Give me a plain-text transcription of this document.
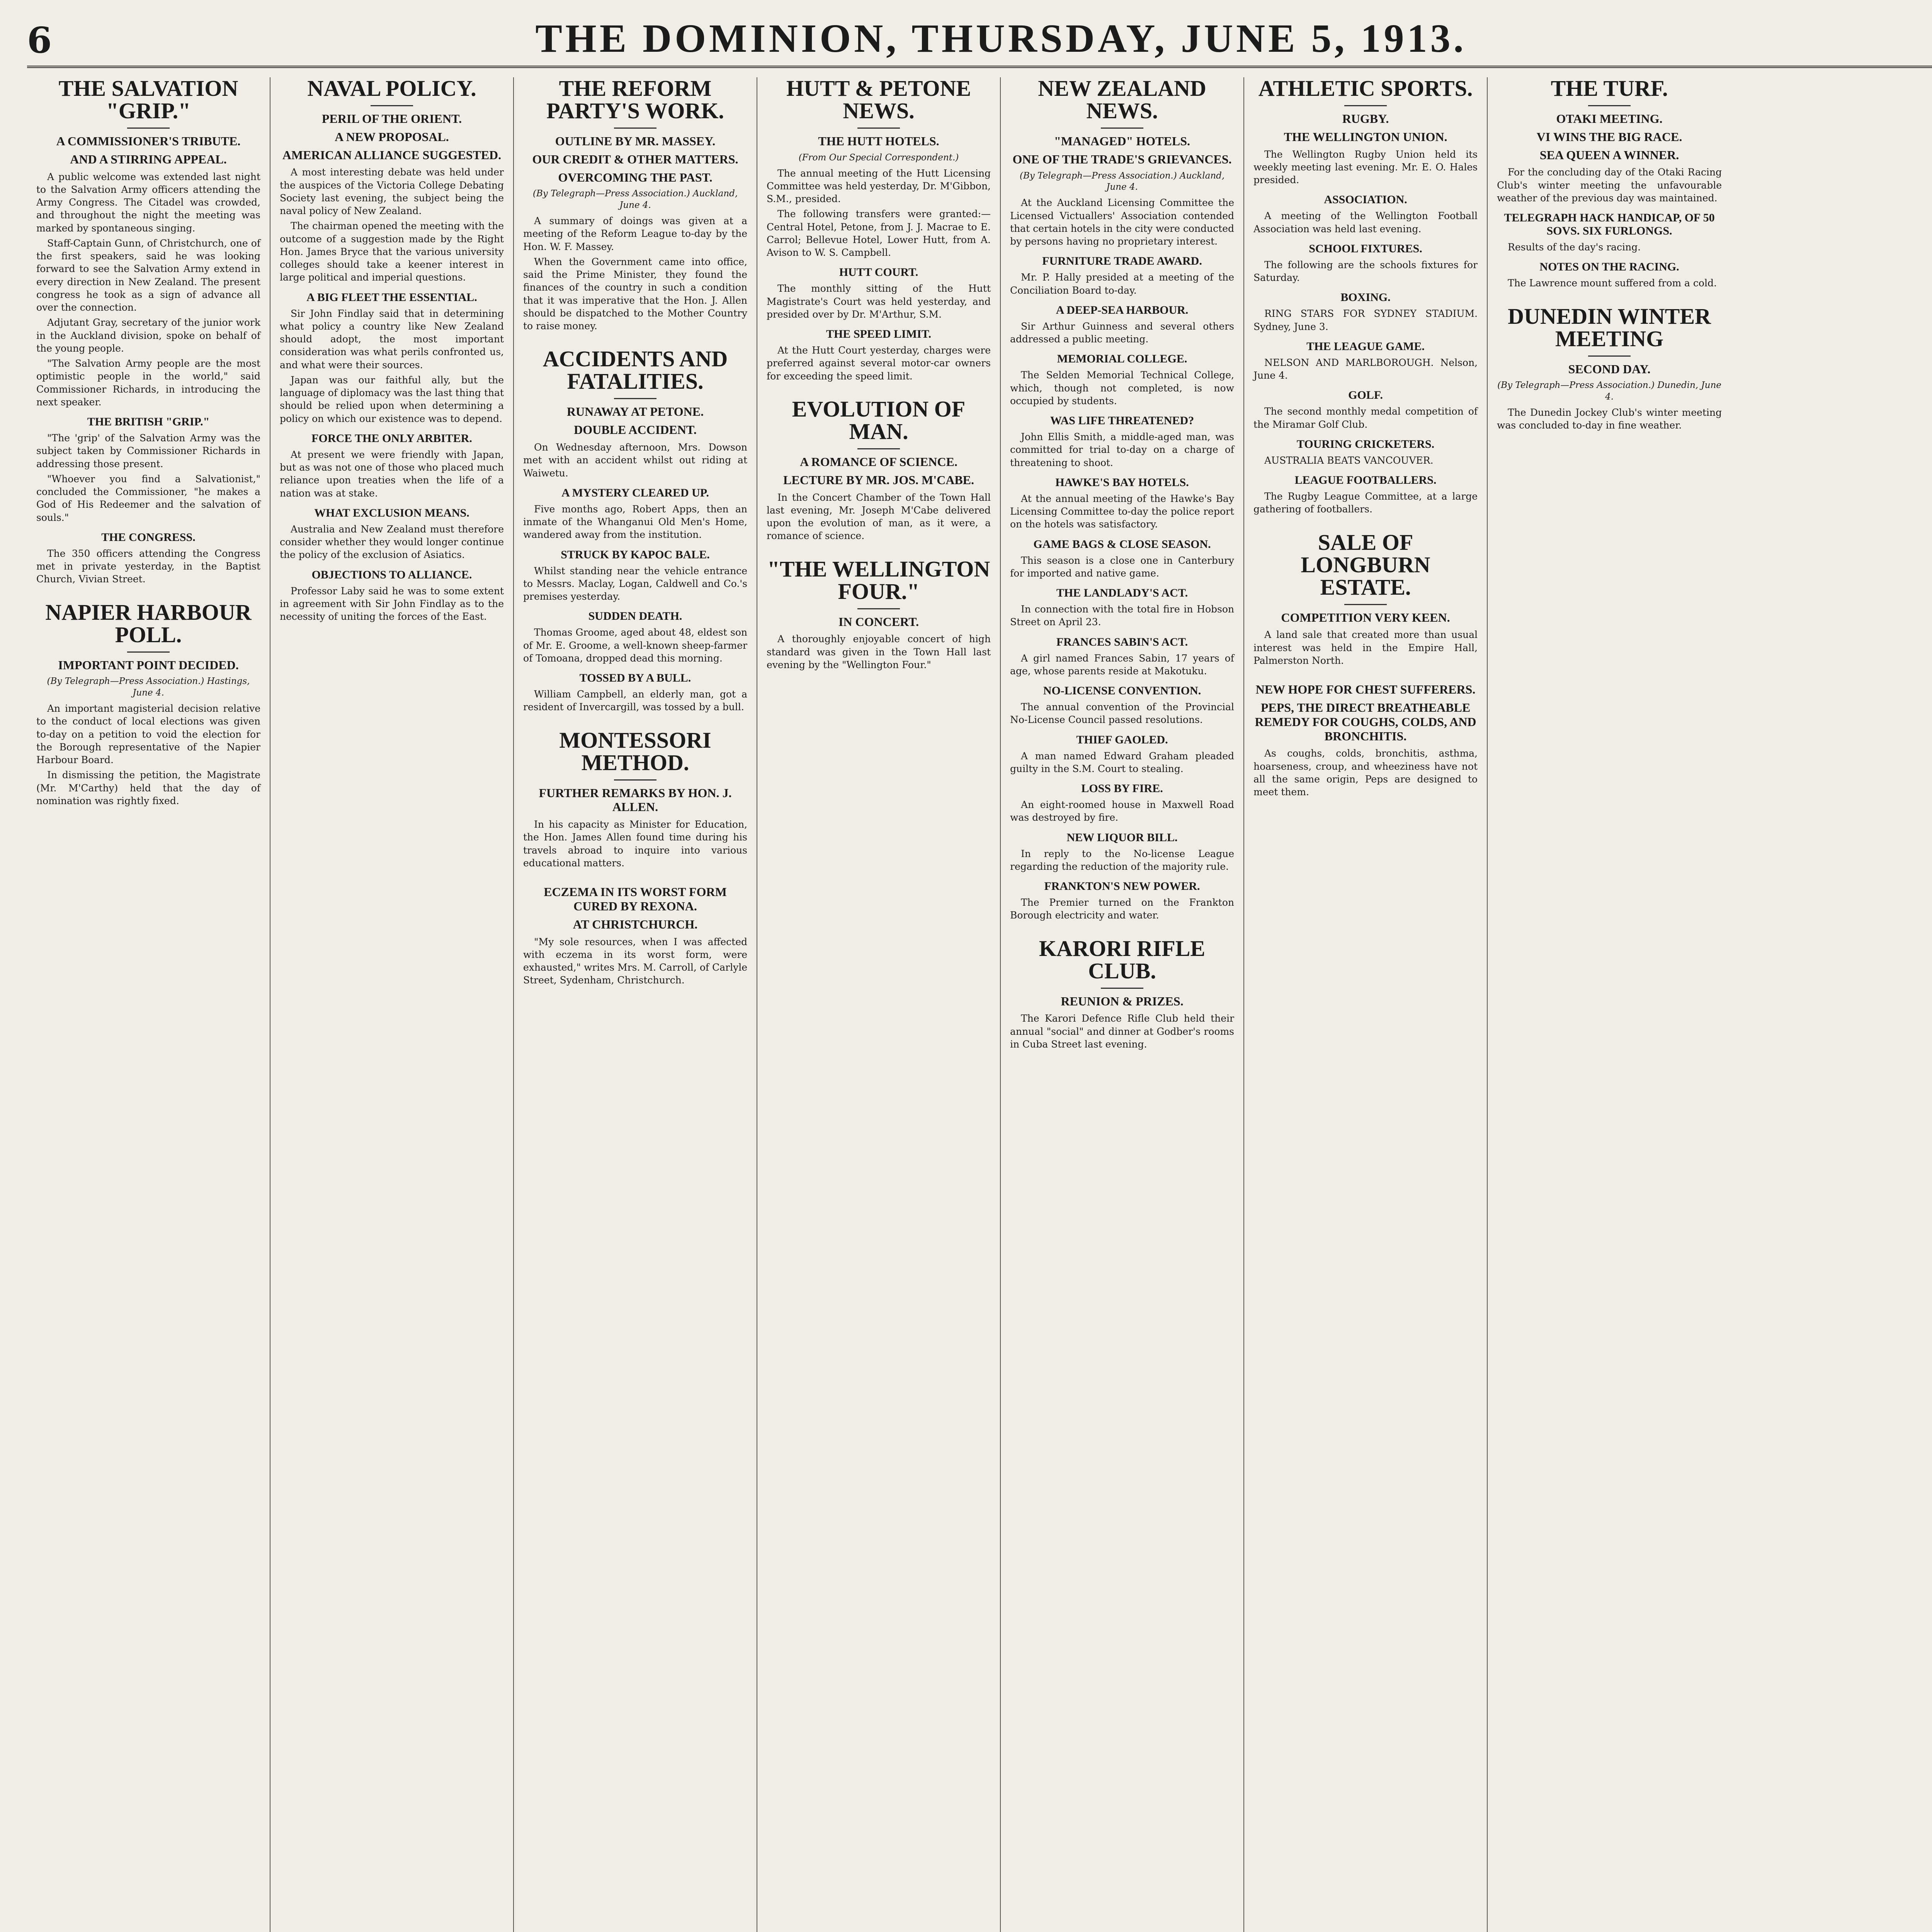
6	THE DOMINION, THURSDAY, JUNE 5, 1913.
THE SALVATION "GRIP."
A COMMISSIONER'S TRIBUTE.
AND A STIRRING APPEAL.

A public welcome was extended last night to the Salvation Army officers attending the Army Congress. The Citadel was crowded, and throughout the night the meeting was marked by spontaneous singing.

Staff-Captain Gunn, of Christchurch, one of the first speakers, said he was looking forward to see the Salvation Army extend in every direction in New Zealand. The present congress he took as a sign of advance all over the connection.

Adjutant Gray, secretary of the junior work in the Auckland division, spoke on behalf of the young people.

"The Salvation Army people are the most optimistic people in the world," said Commissioner Richards, in introducing the next speaker.

THE BRITISH "GRIP."

"The 'grip' of the Salvation Army was the subject taken by Commissioner Richards in addressing those present.

"Whoever you find a Salvationist," concluded the Commissioner, "he makes a God of His Redeemer and the salvation of souls."

THE CONGRESS.

The 350 officers attending the Congress met in private yesterday, in the Baptist Church, Vivian Street.

NAPIER HARBOUR POLL.
IMPORTANT POINT DECIDED.
(By Telegraph—Press Association.) Hastings, June 4.

An important magisterial decision relative to the conduct of local elections was given to-day on a petition to void the election for the Borough representative of the Napier Harbour Board.

In dismissing the petition, the Magistrate (Mr. M'Carthy) held that the day of nomination was rightly fixed.

NAVAL POLICY.
PERIL OF THE ORIENT.
A NEW PROPOSAL.
AMERICAN ALLIANCE SUGGESTED.

A most interesting debate was held under the auspices of the Victoria College Debating Society last evening, the subject being the naval policy of New Zealand.

The chairman opened the meeting with the outcome of a suggestion made by the Right Hon. James Bryce that the various university colleges should take a keener interest in large political and imperial questions.

A BIG FLEET THE ESSENTIAL.

Sir John Findlay said that in determining what policy a country like New Zealand should adopt, the most important consideration was what perils confronted us, and what were their sources.

Japan was our faithful ally, but the language of diplomacy was the last thing that should be relied upon when determining a policy on which our existence was to depend.

FORCE THE ONLY ARBITER.

At present we were friendly with Japan, but as was not one of those who placed much reliance upon treaties when the life of a nation was at stake.

WHAT EXCLUSION MEANS.

Australia and New Zealand must therefore consider whether they would longer continue the policy of the exclusion of Asiatics.

OBJECTIONS TO ALLIANCE.

Professor Laby said he was to some extent in agreement with Sir John Findlay as to the necessity of uniting the forces of the East.

THE REFORM PARTY'S WORK.
OUTLINE BY MR. MASSEY.
OUR CREDIT & OTHER MATTERS.
OVERCOMING THE PAST.
(By Telegraph—Press Association.) Auckland, June 4.

A summary of doings was given at a meeting of the Reform League to-day by the Hon. W. F. Massey.

When the Government came into office, said the Prime Minister, they found the finances of the country in such a condition that it was imperative that the Hon. J. Allen should be dispatched to the Mother Country to raise money.

ACCIDENTS AND FATALITIES.
RUNAWAY AT PETONE.
DOUBLE ACCIDENT.

On Wednesday afternoon, Mrs. Dowson met with an accident whilst out riding at Waiwetu.

A MYSTERY CLEARED UP.

Five months ago, Robert Apps, then an inmate of the Whanganui Old Men's Home, wandered away from the institution.

STRUCK BY KAPOC BALE.

Whilst standing near the vehicle entrance to Messrs. Maclay, Logan, Caldwell and Co.'s premises yesterday.

SUDDEN DEATH.

Thomas Groome, aged about 48, eldest son of Mr. E. Groome, a well-known sheep-farmer of Tomoana, dropped dead this morning.

TOSSED BY A BULL.

William Campbell, an elderly man, got a resident of Invercargill, was tossed by a bull.

MONTESSORI METHOD.
FURTHER REMARKS BY HON. J. ALLEN.

In his capacity as Minister for Education, the Hon. James Allen found time during his travels abroad to inquire into various educational matters.

ECZEMA IN ITS WORST FORM CURED BY REXONA.
AT CHRISTCHURCH.

"My sole resources, when I was affected with eczema in its worst form, were exhausted," writes Mrs. M. Carroll, of Carlyle Street, Sydenham, Christchurch.

HUTT & PETONE NEWS.
THE HUTT HOTELS.
(From Our Special Correspondent.)

The annual meeting of the Hutt Licensing Committee was held yesterday, Dr. M'Gibbon, S.M., presided.

The following transfers were granted:—Central Hotel, Petone, from J. J. Macrae to E. Carrol; Bellevue Hotel, Lower Hutt, from A. Avison to W. S. Campbell.

HUTT COURT.

The monthly sitting of the Hutt Magistrate's Court was held yesterday, and presided over by Dr. M'Arthur, S.M.

THE SPEED LIMIT.

At the Hutt Court yesterday, charges were preferred against several motor-car owners for exceeding the speed limit.

EVOLUTION OF MAN.
A ROMANCE OF SCIENCE.
LECTURE BY MR. JOS. M'CABE.

In the Concert Chamber of the Town Hall last evening, Mr. Joseph M'Cabe delivered upon the evolution of man, as it were, a romance of science.

"THE WELLINGTON FOUR."
IN CONCERT.

A thoroughly enjoyable concert of high standard was given in the Town Hall last evening by the "Wellington Four."

NEW ZEALAND NEWS.
"MANAGED" HOTELS.
ONE OF THE TRADE'S GRIEVANCES.
(By Telegraph—Press Association.) Auckland, June 4.

At the Auckland Licensing Committee the Licensed Victuallers' Association contended that certain hotels in the city were conducted by persons having no proprietary interest.

FURNITURE TRADE AWARD.

Mr. P. Hally presided at a meeting of the Conciliation Board to-day.

A DEEP-SEA HARBOUR.

Sir Arthur Guinness and several others addressed a public meeting.

MEMORIAL COLLEGE.

The Selden Memorial Technical College, which, though not completed, is now occupied by students.

WAS LIFE THREATENED?

John Ellis Smith, a middle-aged man, was committed for trial to-day on a charge of threatening to shoot.

HAWKE'S BAY HOTELS.

At the annual meeting of the Hawke's Bay Licensing Committee to-day the police report on the hotels was satisfactory.

GAME BAGS & CLOSE SEASON.

This season is a close one in Canterbury for imported and native game.

THE LANDLADY'S ACT.

In connection with the total fire in Hobson Street on April 23.

FRANCES SABIN'S ACT.

A girl named Frances Sabin, 17 years of age, whose parents reside at Makotuku.

NO-LICENSE CONVENTION.

The annual convention of the Provincial No-License Council passed resolutions.

THIEF GAOLED.

A man named Edward Graham pleaded guilty in the S.M. Court to stealing.

LOSS BY FIRE.

An eight-roomed house in Maxwell Road was destroyed by fire.

NEW LIQUOR BILL.

In reply to the No-license League regarding the reduction of the majority rule.

FRANKTON'S NEW POWER.

The Premier turned on the Frankton Borough electricity and water.

KARORI RIFLE CLUB.
REUNION & PRIZES.

The Karori Defence Rifle Club held their annual "social" and dinner at Godber's rooms in Cuba Street last evening.

ATHLETIC SPORTS.
RUGBY.
THE WELLINGTON UNION.

The Wellington Rugby Union held its weekly meeting last evening. Mr. E. O. Hales presided.

ASSOCIATION.

A meeting of the Wellington Football Association was held last evening.

SCHOOL FIXTURES.

The following are the schools fixtures for Saturday.

BOXING.

RING STARS FOR SYDNEY STADIUM. Sydney, June 3.

THE LEAGUE GAME.

NELSON AND MARLBOROUGH. Nelson, June 4.

GOLF.

The second monthly medal competition of the Miramar Golf Club.

TOURING CRICKETERS.

AUSTRALIA BEATS VANCOUVER.

LEAGUE FOOTBALLERS.

The Rugby League Committee, at a large gathering of footballers.

SALE OF LONGBURN ESTATE.
COMPETITION VERY KEEN.

A land sale that created more than usual interest was held in the Empire Hall, Palmerston North.

NEW HOPE FOR CHEST SUFFERERS.
PEPS, THE DIRECT BREATHEABLE REMEDY FOR COUGHS, COLDS, AND BRONCHITIS.

As coughs, colds, bronchitis, asthma, hoarseness, croup, and wheeziness have not all the same origin, Peps are designed to meet them.

THE TURF.
OTAKI MEETING.
VI WINS THE BIG RACE.
SEA QUEEN A WINNER.

For the concluding day of the Otaki Racing Club's winter meeting the unfavourable weather of the previous day was maintained.

TELEGRAPH HACK HANDICAP, OF 50 SOVS. SIX FURLONGS.

Results of the day's racing.

NOTES ON THE RACING.

The Lawrence mount suffered from a cold.

DUNEDIN WINTER MEETING
SECOND DAY.
(By Telegraph—Press Association.) Dunedin, June 4.

The Dunedin Jockey Club's winter meeting was concluded to-day in fine weather.
